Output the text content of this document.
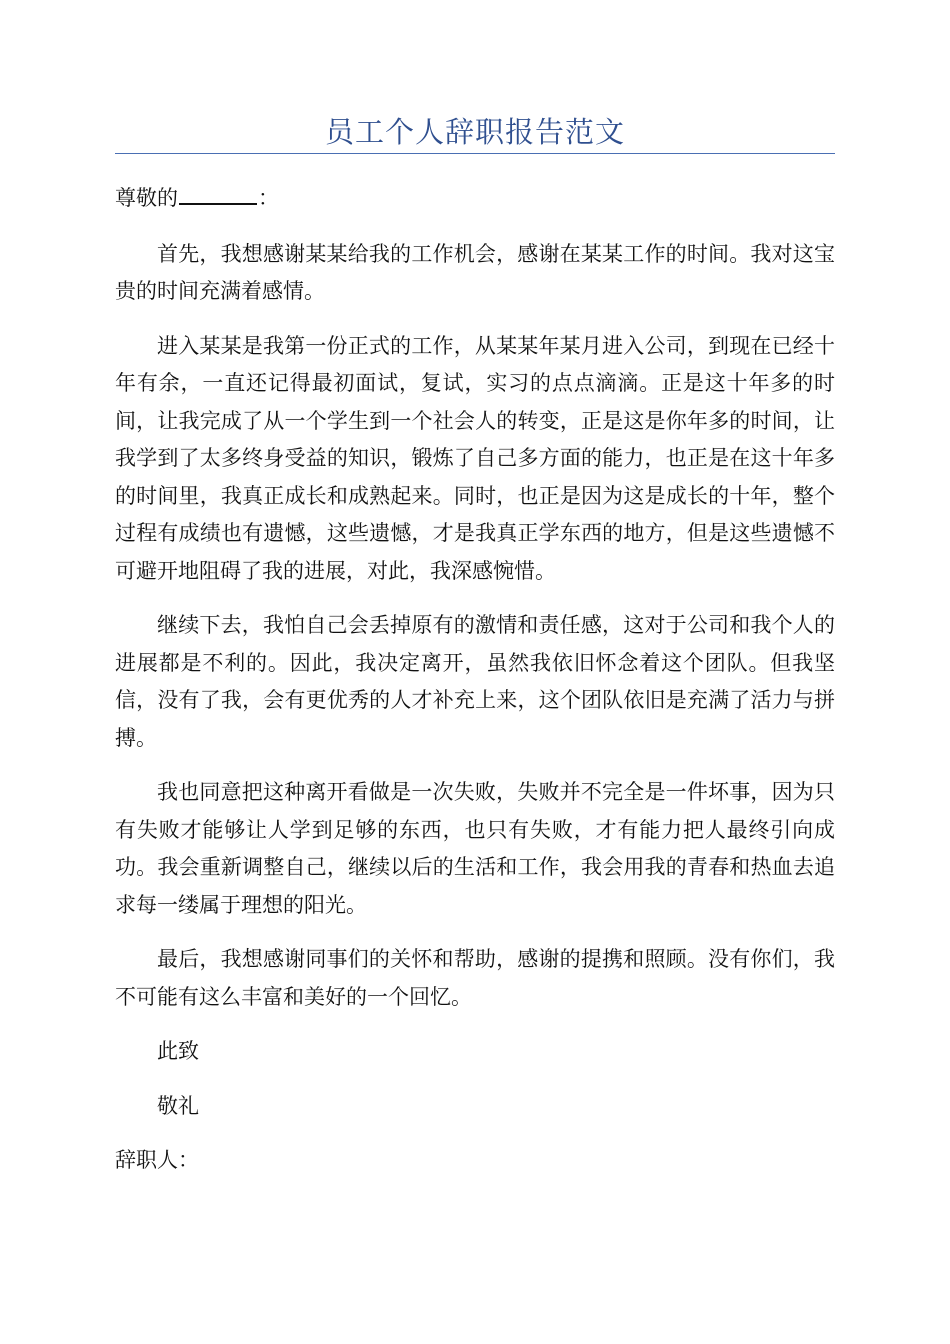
员工个人辞职报告范文

尊敬的	：

首先，我想感谢某某给我的工作机会，感谢在某某工作的时间。我对这宝贵的时间充满着感情。

进入某某是我第一份正式的工作，从某某年某月进入公司，到现在已经十年有余，一直还记得最初面试，复试，实习的点点滴滴。正是这十年多的时间，让我完成了从一个学生到一个社会人的转变，正是这是你年多的时间，让我学到了太多终身受益的知识，锻炼了自己多方面的能力，也正是在这十年多的时间里，我真正成长和成熟起来。同时，也正是因为这是成长的十年，整个过程有成绩也有遗憾，这些遗憾，才是我真正学东西的地方，但是这些遗憾不可避开地阻碍了我的进展，对此，我深感惋惜。

继续下去，我怕自己会丢掉原有的激情和责任感，这对于公司和我个人的进展都是不利的。因此，我决定离开，虽然我依旧怀念着这个团队。但我坚信，没有了我，会有更优秀的人才补充上来，这个团队依旧是充满了活力与拼搏。

我也同意把这种离开看做是一次失败，失败并不完全是一件坏事，因为只有失败才能够让人学到足够的东西，也只有失败，才有能力把人最终引向成功。我会重新调整自己，继续以后的生活和工作，我会用我的青春和热血去追求每一缕属于理想的阳光。

最后，我想感谢同事们的关怀和帮助，感谢的提携和照顾。没有你们，我不可能有这么丰富和美好的一个回忆。

此致

敬礼

辞职人：
